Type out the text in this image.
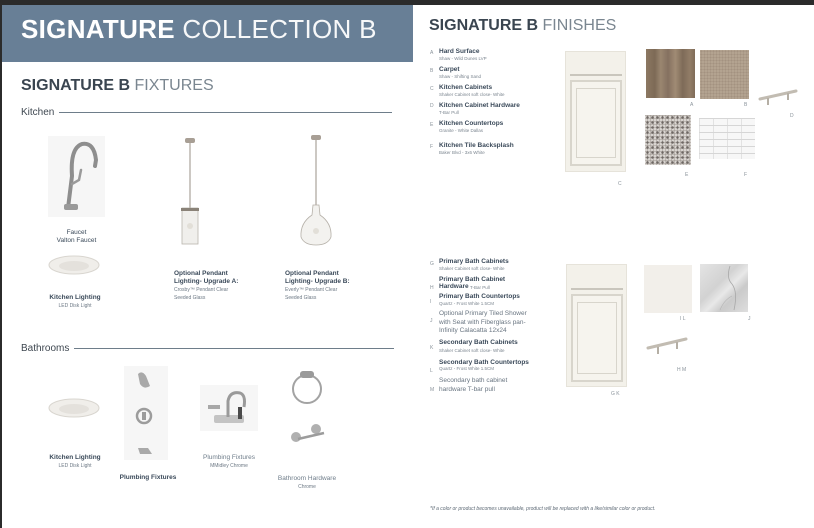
SIGNATURE COLLECTION B
SIGNATURE B FIXTURES
Kitchen
Faucet
Valton Faucet
Kitchen Lighting
LED Disk Light
Optional Pendant
Lighting- Upgrade A:
Crosby™ Pendant Clear
Seeded Glass
Optional Pendant
Lighting- Upgrade B:
Everly™ Pendant Clear
Seeded Glass
Bathrooms
Kitchen Lighting
LED Disk Light
Plumbing Fixtures
Plumbing Fixtures
MMidley Chrome
Bathroom Hardware
Chrome
SIGNATURE B FINISHES
A Hard Surface
Shaw - Wild Dunes LVP
B Carpet
Shaw - Shifting Sand
C Kitchen Cabinets
Shaker Cabinet soft close- White
D Kitchen Cabinet Hardware
T-Bar Pull
E Kitchen Countertops
Granite - White Dallas
F Kitchen Tile Backsplash
Baker Blvd - 3x6 White
G Primary Bath Cabinets
Shaker Cabinet soft close- White
H
Primary Bath Cabinet
Hardware T-Bar Pull
I
Primary Bath Countertops
Quartz - Frost White 1.5CM
J
Optional Primary Tiled Shower
with Seat with Fiberglass pan-
Infinity Calacatta 12x24
K
Secondary Bath Cabinets
Shaker Cabinet soft close- White
L
Secondary Bath Countertops
Quartz - Frost White 1.5CM
M
Secondary bath cabinet
hardware T-bar pull
C
A	B
D
E	F
G K
I L	J
H M
*If a color or product becomes unavailable, product will be replaced with a like/similar color or product.
